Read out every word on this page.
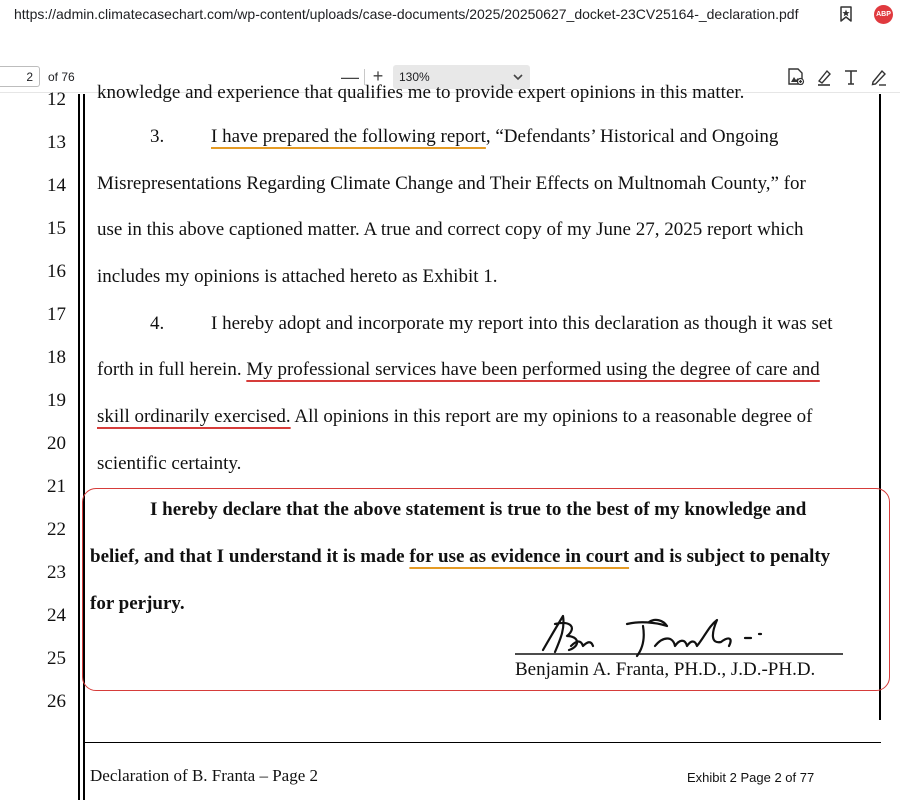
https://admin.climatecasechart.com/wp-content/uploads/case-documents/2025/20250627_docket-23CV25164-_declaration.pdf	ABP
2
of 76	— +	130%
12
13
14
15
16
17
18
19
20
21
22
23
24
25
26
knowledge and experience that qualifies me to provide expert opinions in this matter.
3. I have prepared the following report, “Defendants’ Historical and Ongoing
Misrepresentations Regarding Climate Change and Their Effects on Multnomah County,” for
use in this above captioned matter. A true and correct copy of my June 27, 2025 report which
includes my opinions is attached hereto as Exhibit 1.
4. I hereby adopt and incorporate my report into this declaration as though it was set
forth in full herein. My professional services have been performed using the degree of care and
skill ordinarily exercised. All opinions in this report are my opinions to a reasonable degree of
scientific certainty.
I hereby declare that the above statement is true to the best of my knowledge and
belief, and that I understand it is made for use as evidence in court and is subject to penalty
for perjury.
Benjamin A. Franta, PH.D., J.D.-PH.D.
Declaration of B. Franta – Page 2	Exhibit 2 Page 2 of 77
